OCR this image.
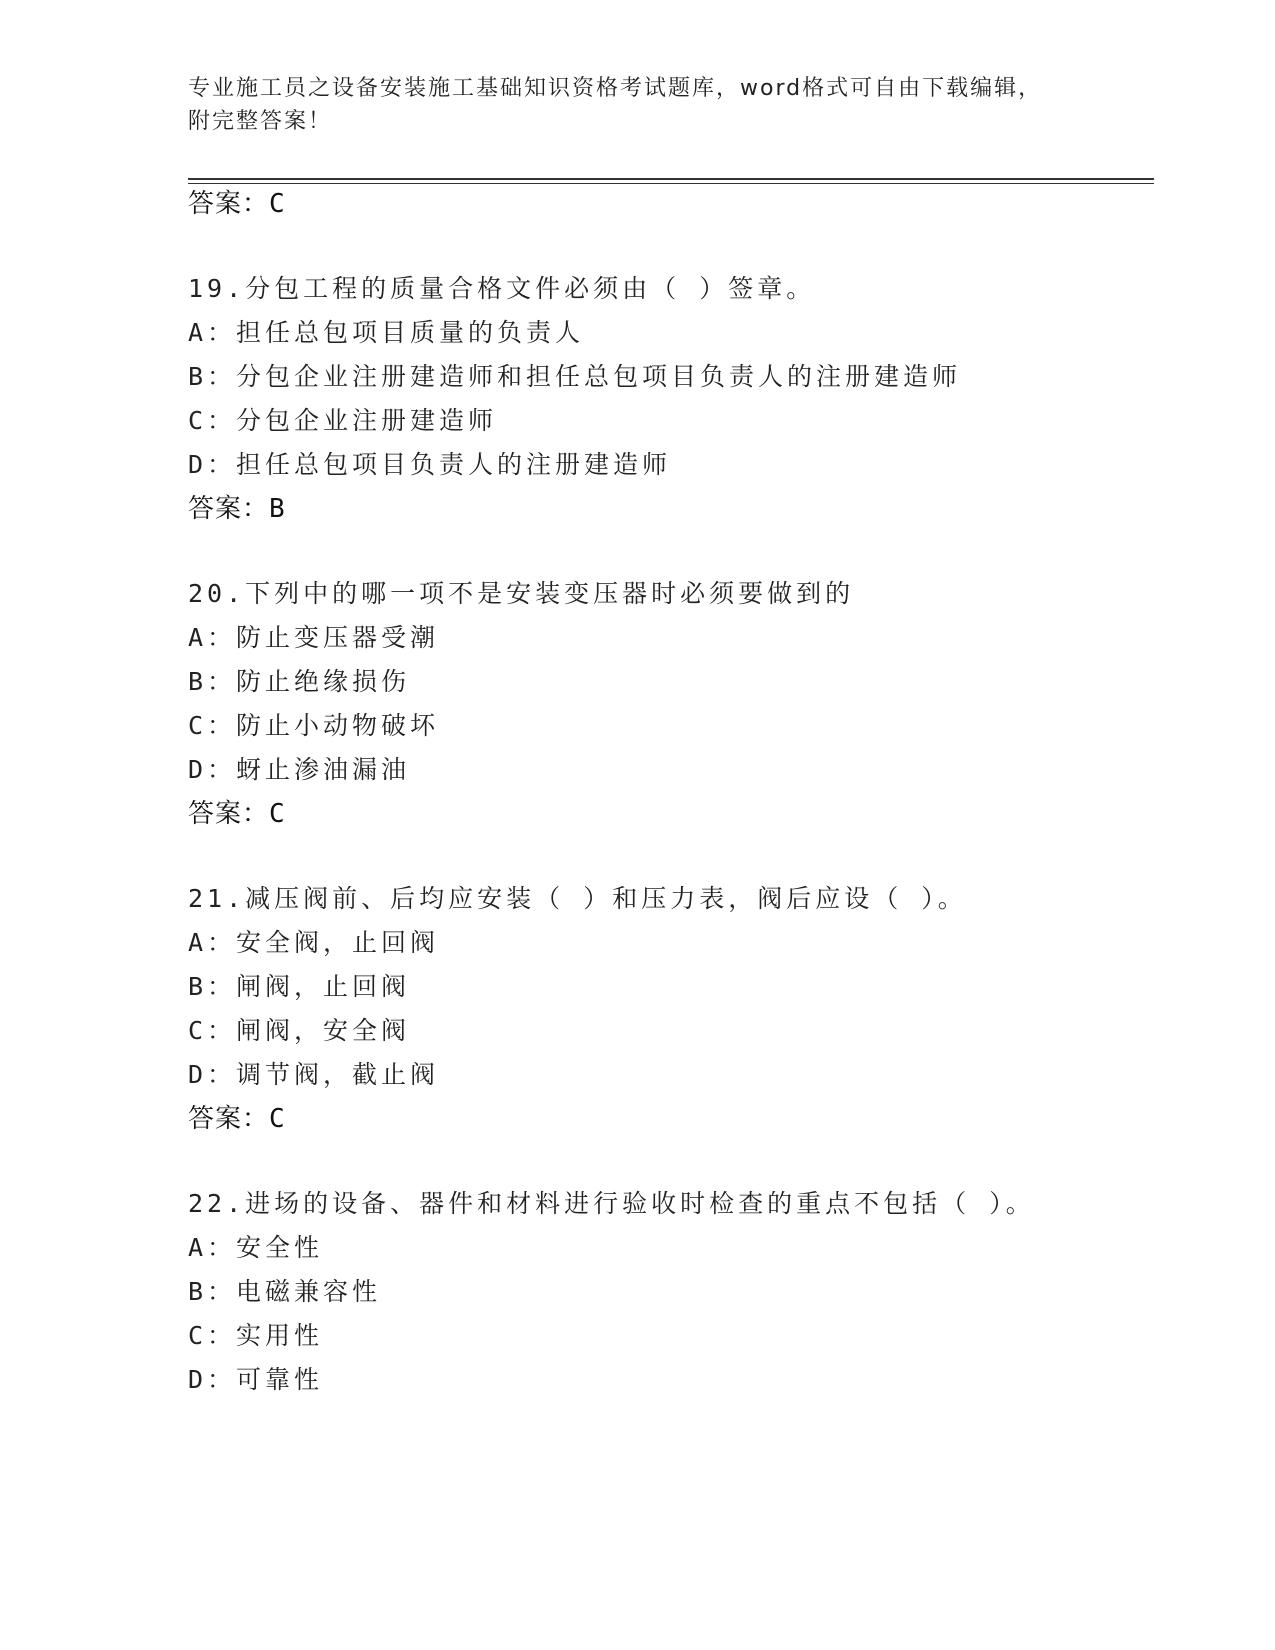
专业施工员之设备安装施工基础知识资格考试题库，word格式可自由下载编辑，
附完整答案！
答案：C
19.分包工程的质量合格文件必须由（ ）签章。
A：担任总包项目质量的负责人
B：分包企业注册建造师和担任总包项目负责人的注册建造师
C：分包企业注册建造师
D：担任总包项目负责人的注册建造师
答案：B
20.下列中的哪一项不是安装变压器时必须要做到的
A：防止变压器受潮
B：防止绝缘损伤
C：防止小动物破坏
D：蚜止渗油漏油
答案：C
21.减压阀前、后均应安装（ ）和压力表，阀后应设（ ）。
A：安全阀，止回阀
B：闸阀，止回阀
C：闸阀，安全阀
D：调节阀，截止阀
答案：C
22.进场的设备、器件和材料进行验收时检查的重点不包括（ ）。
A：安全性
B：电磁兼容性
C：实用性
D：可靠性
